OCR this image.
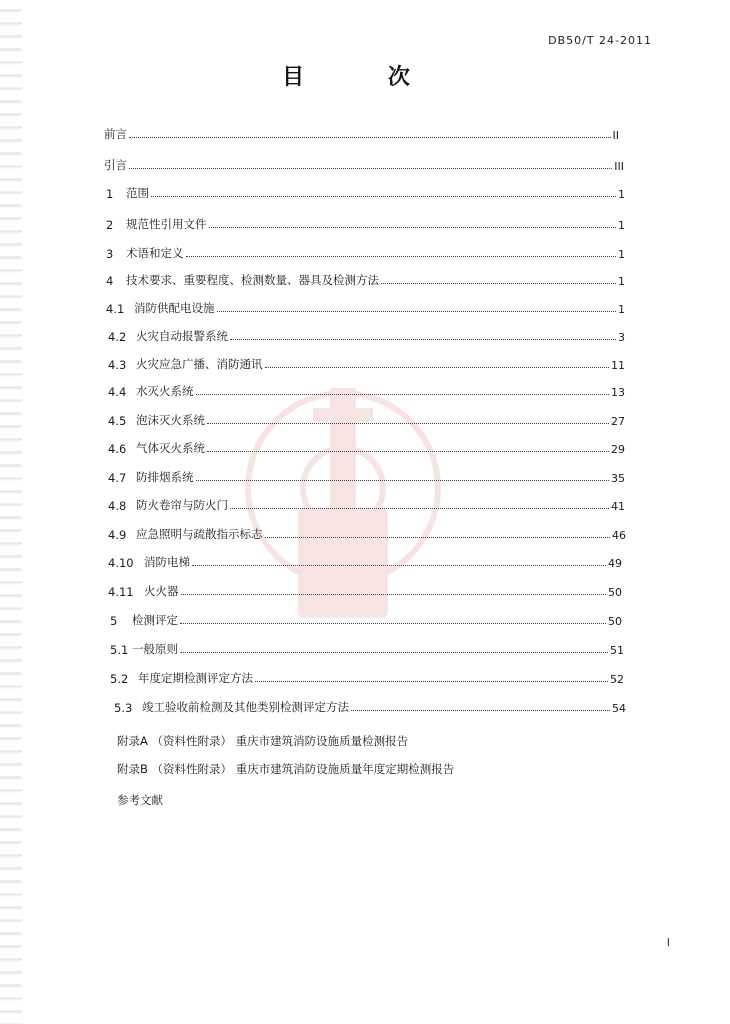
DB50/T 24-2011
目 次
前言	II
引言	III
1	范围	1
2	规范性引用文件	1
3	术语和定义	1
4	技术要求、重要程度、检测数量、器具及检测方法	1
4.1 消防供配电设施	1
4.2 火灾自动报警系统	3
4.3 火灾应急广播、消防通讯	11
4.4 水灭火系统	13
4.5 泡沫灭火系统	27
4.6 气体灭火系统	29
4.7 防排烟系统	35
4.8 防火卷帘与防火门	41
4.9 应急照明与疏散指示标志	46
4.10 消防电梯	49
4.11 火火器	50
5	检测评定	50
5.1 一般原则	51
5.2 年度定期检测评定方法	52
5.3 竣工验收前检测及其他类别检测评定方法	54
附录A （资料性附录） 重庆市建筑消防设施质量检测报告
附录B （资料性附录） 重庆市建筑消防设施质量年度定期检测报告
参考文献
I
